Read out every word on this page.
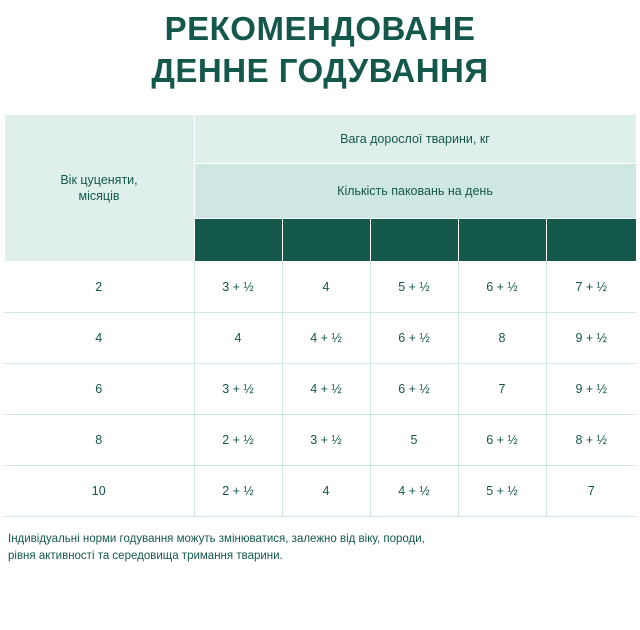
РЕКОМЕНДОВАНЕ
ДЕННЕ ГОДУВАННЯ
Вік цуценяти,
місяців	Вага дорослої тварини, кг				
	Кількість паковань на день				
	3	4	6	8	10
2	3 + ½	4	5 + ½	6 + ½	7 + ½
4	4	4 + ½	6 + ½	8	9 + ½
6	3 + ½	4 + ½	6 + ½	7	9 + ½
8	2 + ½	3 + ½	5	6 + ½	8 + ½
10	2 + ½	4	4 + ½	5 + ½	7
Індивідуальні норми годування можуть змінюватися, залежно від віку, породи,
рівня активності та середовища тримання тварини.
